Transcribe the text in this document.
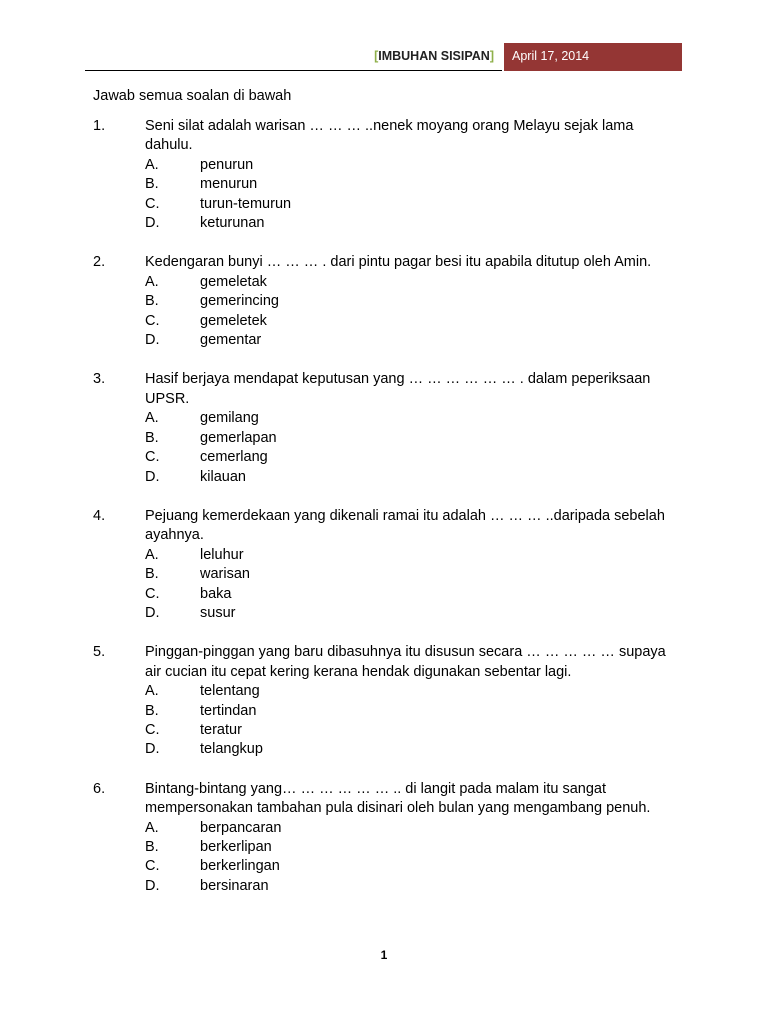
[IMBUHAN SISIPAN]	April 17, 2014
Jawab semua soalan di bawah
1.	Seni silat adalah warisan … … … ..nenek moyang orang Melayu sejak lama dahulu.
A.	penurun
B.	menurun
C.	turun-temurun
D.	keturunan
2.	Kedengaran bunyi … … … . dari pintu pagar besi itu apabila ditutup oleh Amin.
A.	gemeletak
B.	gemerincing
C.	gemeletek
D.	gementar
3.	Hasif berjaya mendapat keputusan yang … … … … … … . dalam peperiksaan UPSR.
A.	gemilang
B.	gemerlapan
C.	cemerlang
D.	kilauan
4.	Pejuang kemerdekaan yang dikenali ramai itu adalah … … … ..daripada sebelah ayahnya.
A.	leluhur
B.	warisan
C.	baka
D.	susur
5.	Pinggan-pinggan yang baru dibasuhnya itu disusun secara … … … … … supaya air cucian itu cepat kering kerana hendak digunakan sebentar lagi.
A.	telentang
B.	tertindan
C.	teratur
D.	telangkup
6.	Bintang-bintang yang… … … … … … .. di langit pada malam itu sangat mempersonakan tambahan pula disinari oleh bulan yang mengambang penuh.
A.	berpancaran
B.	berkerlipan
C.	berkerlingan
D.	bersinaran
1
